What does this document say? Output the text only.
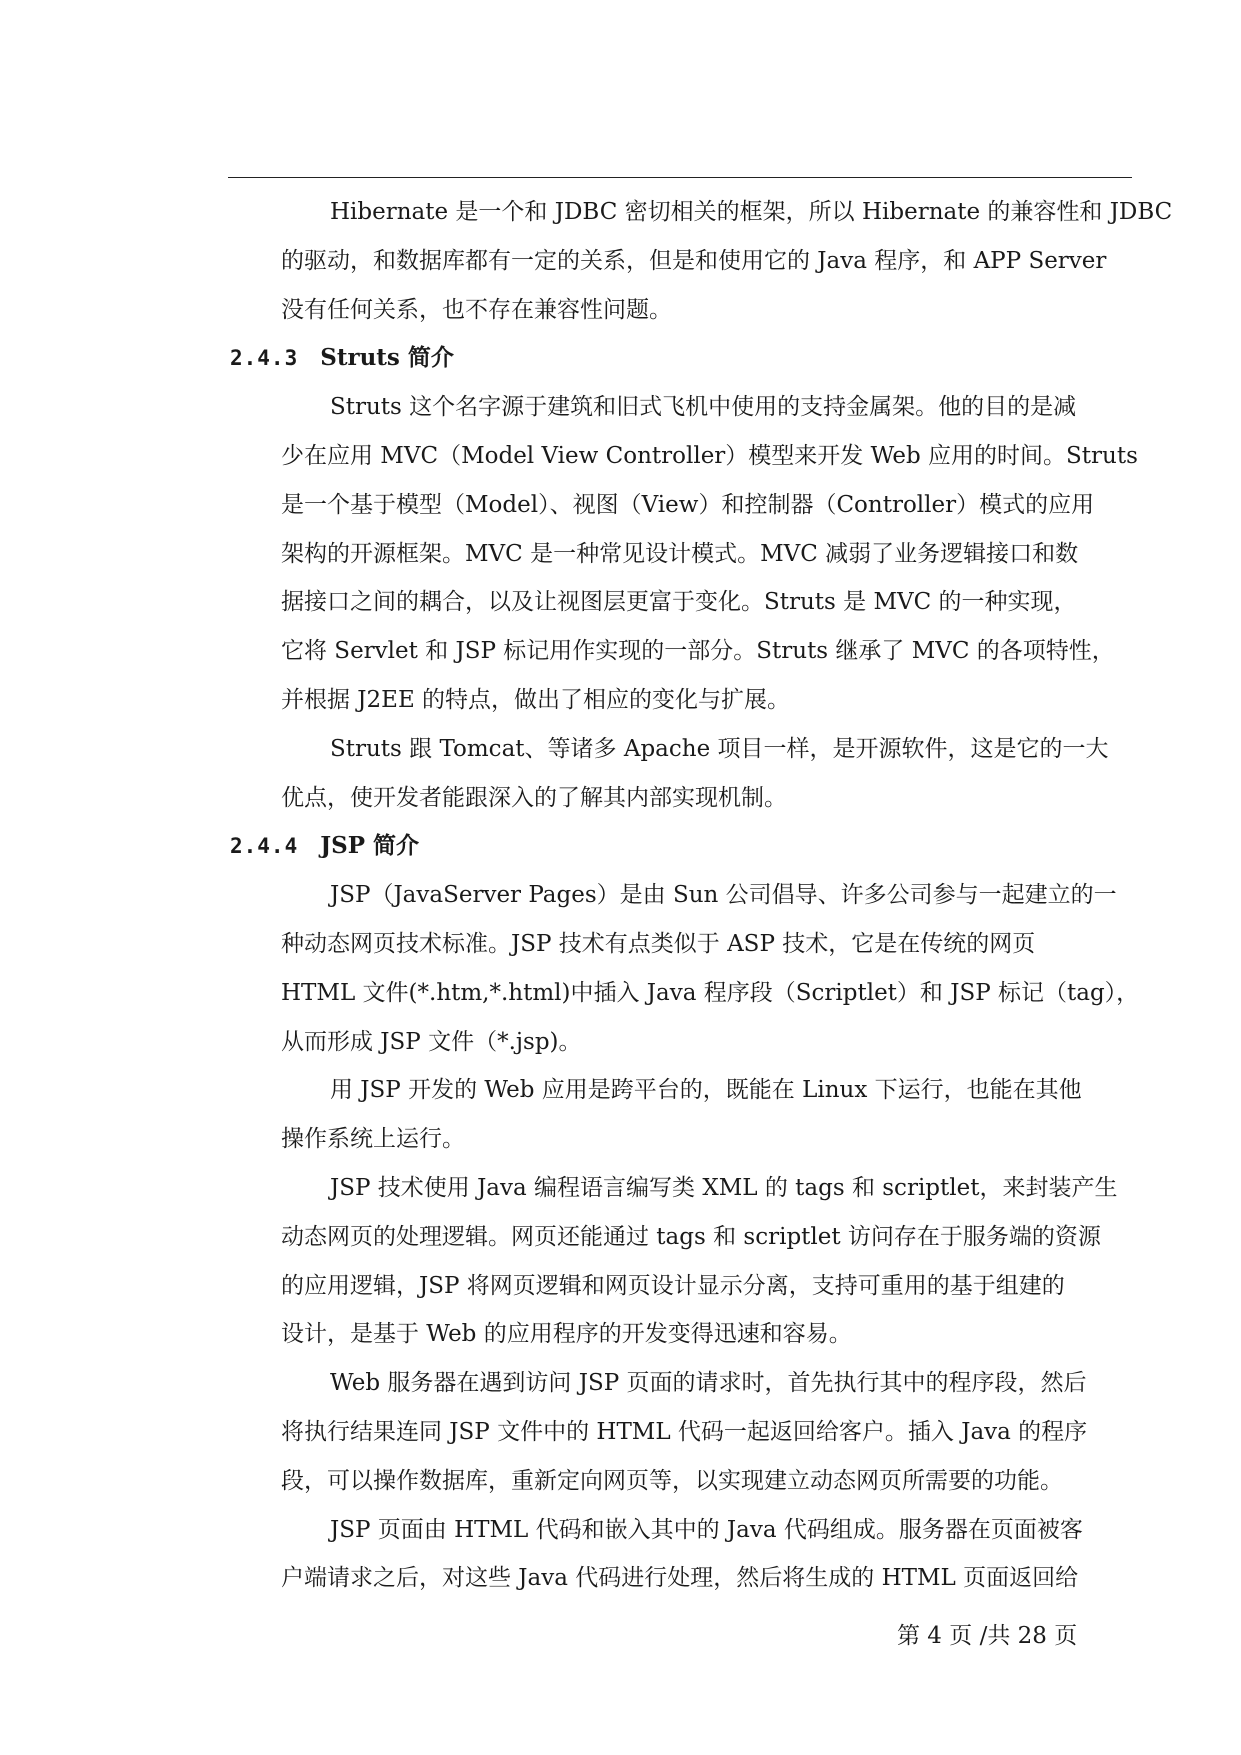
Hibernate 是一个和 JDBC 密切相关的框架，所以 Hibernate 的兼容性和 JDBC

的驱动，和数据库都有一定的关系，但是和使用它的 Java 程序，和 APP Server

没有任何关系，也不存在兼容性问题。

2.4.3 Struts 简介

Struts 这个名字源于建筑和旧式飞机中使用的支持金属架。他的目的是减

少在应用 MVC（Model View Controller）模型来开发 Web 应用的时间。Struts

是一个基于模型（Model）、视图（View）和控制器（Controller）模式的应用

架构的开源框架。MVC 是一种常见设计模式。MVC 减弱了业务逻辑接口和数

据接口之间的耦合，以及让视图层更富于变化。Struts 是 MVC 的一种实现，

它将 Servlet 和 JSP 标记用作实现的一部分。Struts 继承了 MVC 的各项特性，

并根据 J2EE 的特点，做出了相应的变化与扩展。

Struts 跟 Tomcat、等诸多 Apache 项目一样，是开源软件，这是它的一大

优点，使开发者能跟深入的了解其内部实现机制。

2.4.4 JSP 简介

JSP（JavaServer Pages）是由 Sun 公司倡导、许多公司参与一起建立的一

种动态网页技术标准。JSP 技术有点类似于 ASP 技术，它是在传统的网页

HTML 文件(*.htm,*.html)中插入 Java 程序段（Scriptlet）和 JSP 标记（tag），

从而形成 JSP 文件（*.jsp)。

用 JSP 开发的 Web 应用是跨平台的，既能在 Linux 下运行，也能在其他

操作系统上运行。

JSP 技术使用 Java 编程语言编写类 XML 的 tags 和 scriptlet，来封装产生

动态网页的处理逻辑。网页还能通过 tags 和 scriptlet 访问存在于服务端的资源

的应用逻辑，JSP 将网页逻辑和网页设计显示分离，支持可重用的基于组建的

设计，是基于 Web 的应用程序的开发变得迅速和容易。

Web 服务器在遇到访问 JSP 页面的请求时，首先执行其中的程序段，然后

将执行结果连同 JSP 文件中的 HTML 代码一起返回给客户。插入 Java 的程序

段，可以操作数据库，重新定向网页等，以实现建立动态网页所需要的功能。

JSP 页面由 HTML 代码和嵌入其中的 Java 代码组成。服务器在页面被客

户端请求之后，对这些 Java 代码进行处理，然后将生成的 HTML 页面返回给

第 4 页 /共 28 页
